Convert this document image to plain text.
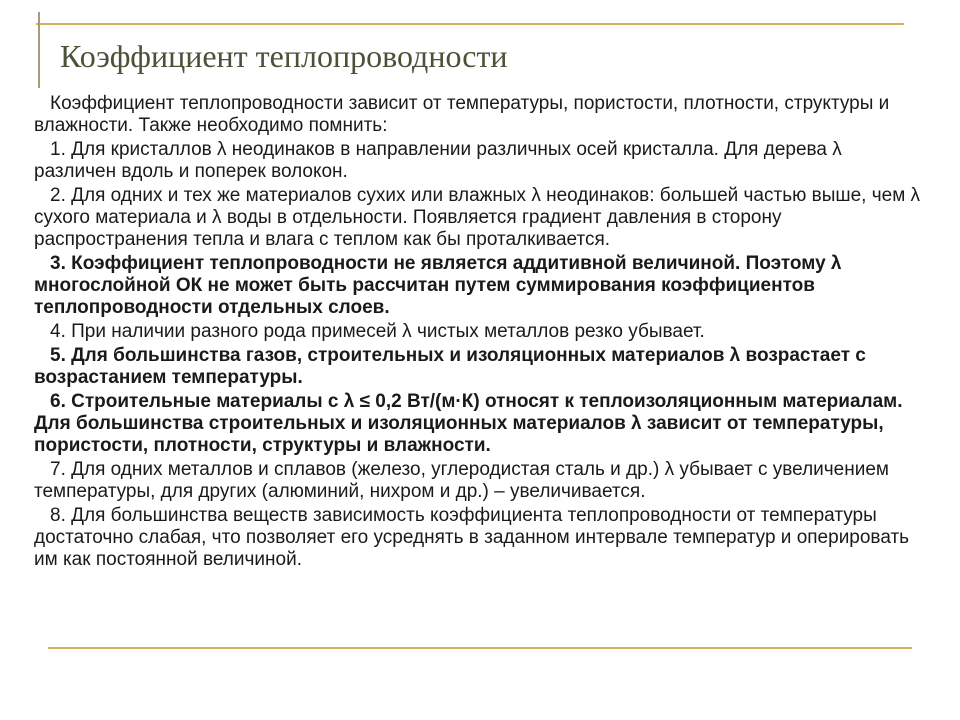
Коэффициент теплопроводности

Коэффициент теплопроводности зависит от температуры, пористости, плотности, структуры и влажности. Также необходимо помнить:

1. Для кристаллов λ неодинаков в направлении различных осей кристалла. Для дерева λ различен вдоль и поперек волокон.

2. Для одних и тех же материалов сухих или влажных λ неодинаков: большей частью выше, чем λ сухого материала и λ воды в отдельности. Появляется градиент давления в сторону распространения тепла и влага с теплом как бы проталкивается.

3. Коэффициент теплопроводности не является аддитивной величиной. Поэтому λ многослойной ОК не может быть рассчитан путем суммирования коэффициентов теплопроводности отдельных слоев.

4. При наличии разного рода примесей λ чистых металлов резко убывает.

5. Для большинства газов, строительных и изоляционных материалов λ возрастает с возрастанием температуры.

6. Строительные материалы с λ ≤ 0,2 Вт/(м·К) относят к теплоизоляционным материалам. Для большинства строительных и изоляционных материалов λ зависит от температуры, пористости, плотности, структуры и влажности.

7. Для одних металлов и сплавов (железо, углеродистая сталь и др.) λ убывает с увеличением температуры, для других (алюминий, нихром и др.) – увеличивается.

8. Для большинства веществ зависимость коэффициента теплопроводности от температуры достаточно слабая, что позволяет его усреднять в заданном интервале температур и оперировать им как постоянной величиной.
